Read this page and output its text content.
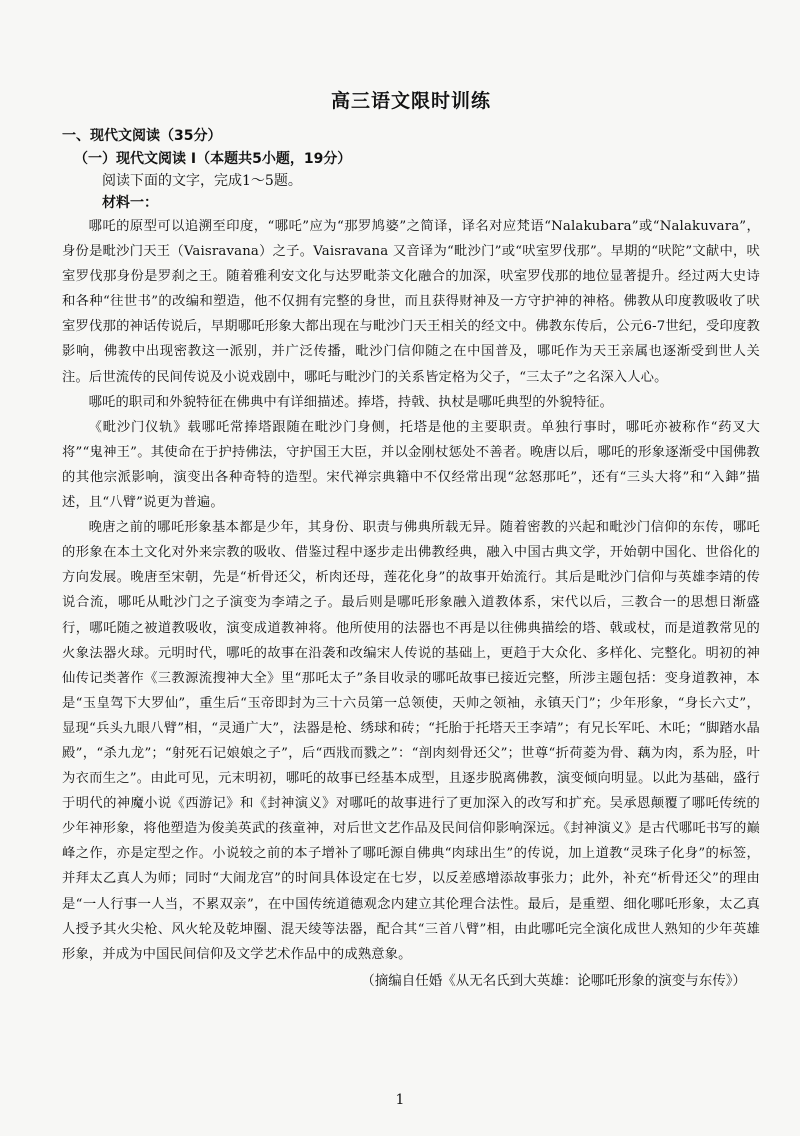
高三语文限时训练
一、现代文阅读（35分）
（一）现代文阅读 I（本题共5小题，19分）
阅读下面的文字，完成1～5题。
材料一：

哪吒的原型可以追溯至印度，“哪吒”应为“那罗鸠婆”之简译，译名对应梵语“Nalakubara”或“Nalakuvara”，身份是毗沙门天王（Vaisravana）之子。Vaisravana 又音译为“毗沙门”或“吠室罗伐那”。早期的“吠陀”文献中，吠室罗伐那身份是罗刹之王。随着雅利安文化与达罗毗荼文化融合的加深，吠室罗伐那的地位显著提升。经过两大史诗和各种“往世书”的改编和塑造，他不仅拥有完整的身世，而且获得财神及一方守护神的神格。佛教从印度教吸收了吠室罗伐那的神话传说后，早期哪吒形象大都出现在与毗沙门天王相关的经文中。佛教东传后，公元6-7世纪，受印度教影响，佛教中出现密教这一派别，并广泛传播，毗沙门信仰随之在中国普及，哪吒作为天王亲属也逐渐受到世人关注。后世流传的民间传说及小说戏剧中，哪吒与毗沙门的关系皆定格为父子，“三太子”之名深入人心。

哪吒的职司和外貌特征在佛典中有详细描述。捧塔，持戟、执杖是哪吒典型的外貌特征。

《毗沙门仪轨》载哪吒常捧塔跟随在毗沙门身侧，托塔是他的主要职责。单独行事时，哪吒亦被称作“药叉大将”“鬼神王”。其使命在于护持佛法，守护国王大臣，并以金刚杖惩处不善者。晚唐以后，哪吒的形象逐渐受中国佛教的其他宗派影响，演变出各种奇特的造型。宋代禅宗典籍中不仅经常出现“忿怒那吒”，还有“三头大将”和“入鋛”描述，且“八臂”说更为普遍。

晚唐之前的哪吒形象基本都是少年，其身份、职责与佛典所载无异。随着密教的兴起和毗沙门信仰的东传，哪吒的形象在本土文化对外来宗教的吸收、借鉴过程中逐步走出佛教经典，融入中国古典文学，开始朝中国化、世俗化的方向发展。晚唐至宋朝，先是“析骨还父，析肉还母，莲花化身”的故事开始流行。其后是毗沙门信仰与英雄李靖的传说合流，哪吒从毗沙门之子演变为李靖之子。最后则是哪吒形象融入道教体系，宋代以后，三教合一的思想日渐盛行，哪吒随之被道教吸收，演变成道教神将。他所使用的法器也不再是以往佛典描绘的塔、戟或杖，而是道教常见的火象法器火球。元明时代，哪吒的故事在沿袭和改编宋人传说的基础上，更趋于大众化、多样化、完整化。明初的神仙传记类著作《三教源流搜神大全》里“那吒太子”条目收录的哪吒故事已接近完整，所涉主题包括：变身道教神，本是“玉皇驾下大罗仙”，重生后“玉帝即封为三十六员第一总领使，天帅之领袖，永镇天门”；少年形象，“身长六丈”，显现“兵头九眼八臂”相，“灵通广大”，法器是枪、绣球和砖；“托胎于托塔天王李靖”；有兄长军吒、木吒；“脚踏水晶殿”，“杀九龙”；“射死石记娘娘之子”，后“西戕而戮之”：“剖肉刻骨还父”；世尊“折荷菱为骨、藕为肉，系为胫，叶为衣而生之”。由此可见，元末明初，哪吒的故事已经基本成型，且逐步脱离佛教，演变倾向明显。以此为基础，盛行于明代的神魔小说《西游记》和《封神演义》对哪吒的故事进行了更加深入的改写和扩充。吴承恩颠覆了哪吒传统的少年神形象，将他塑造为俊美英武的孩童神，对后世文艺作品及民间信仰影响深远。《封神演义》是古代哪吒书写的巅峰之作，亦是定型之作。小说较之前的本子增补了哪吒源自佛典“肉球出生”的传说，加上道教“灵珠子化身”的标签，并拜太乙真人为师；同时“大闹龙宫”的时间具体设定在七岁，以反差感增添故事张力；此外，补充“析骨还父”的理由是“一人行事一人当，不累双亲”，在中国传统道德观念内建立其伦理合法性。最后，是重塑、细化哪吒形象，太乙真人授予其火尖枪、风火轮及乾坤圈、混天绫等法器，配合其“三首八臂”相，由此哪吒完全演化成世人熟知的少年英雄形象，并成为中国民间信仰及文学艺术作品中的成熟意象。

（摘编自任婚《从无名氏到大英雄：论哪吒形象的演变与东传》）
1
